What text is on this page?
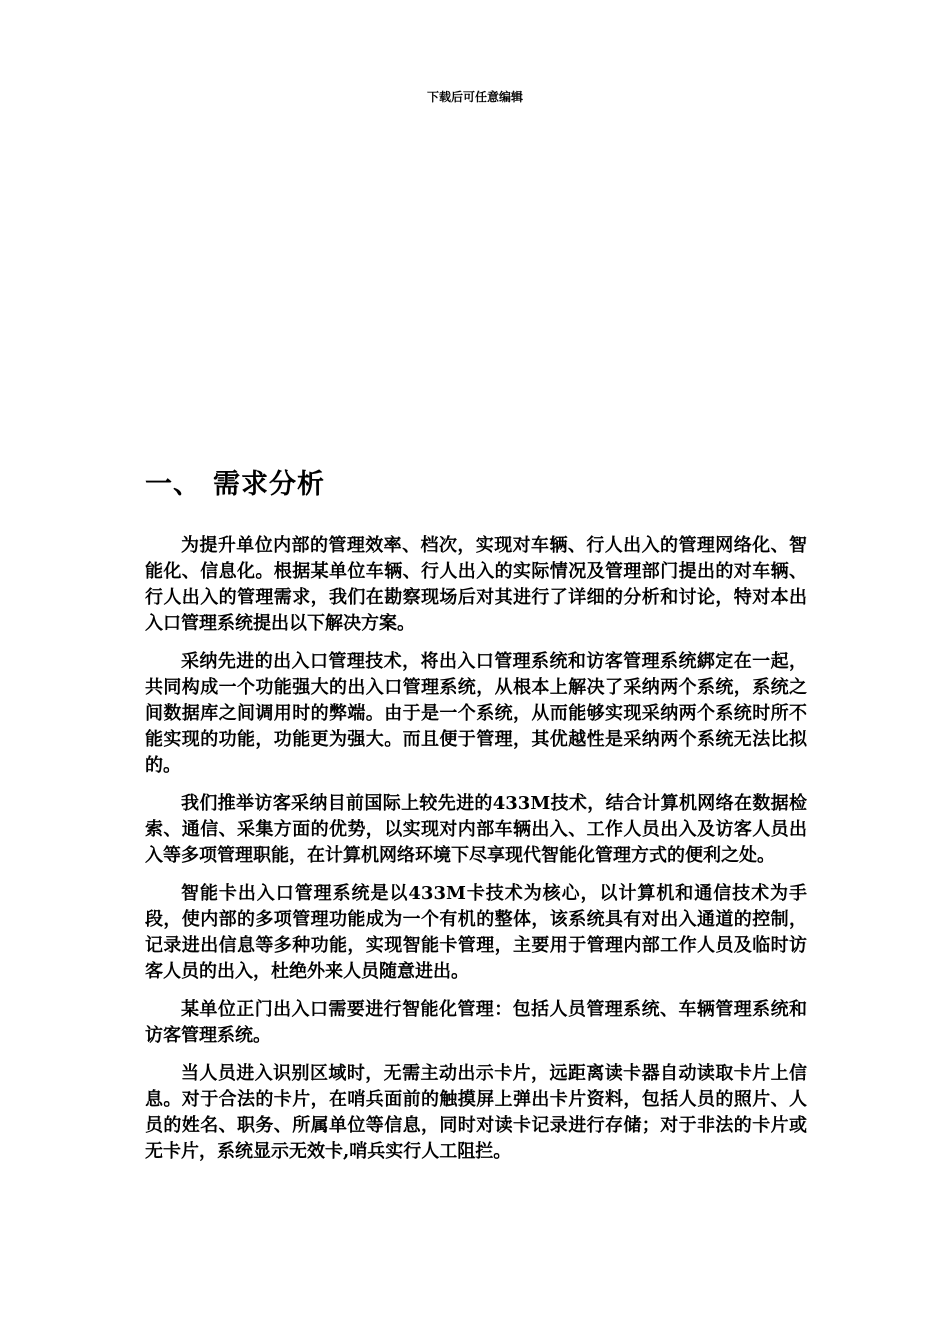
下载后可任意编辑
一、 需求分析

为提升单位内部的管理效率、档次，实现对车辆、行人出入的管理网络化、智能化、信息化。根据某单位车辆、行人出入的实际情况及管理部门提出的对车辆、行人出入的管理需求，我们在勘察现场后对其进行了详细的分析和讨论，特对本出入口管理系统提出以下解决方案。

采纳先进的出入口管理技术，将出入口管理系统和访客管理系统綁定在一起，共同构成一个功能强大的出入口管理系统，从根本上解决了采纳两个系统，系统之间数据库之间调用时的弊端。由于是一个系统，从而能够实现采纳两个系统时所不能实现的功能，功能更为强大。而且便于管理，其优越性是采纳两个系统无法比拟的。

我们推举访客采纳目前国际上较先进的433M技术，结合计算机网络在数据检索、通信、采集方面的优势，以实现对内部车辆出入、工作人员出入及访客人员出入等多项管理职能，在计算机网络环境下尽享现代智能化管理方式的便利之处。

智能卡出入口管理系统是以433M卡技术为核心，以计算机和通信技术为手段，使内部的多项管理功能成为一个有机的整体，该系统具有对出入通道的控制，记录进出信息等多种功能，实现智能卡管理，主要用于管理内部工作人员及临时访客人员的出入，杜绝外来人员随意进出。

某单位正门出入口需要进行智能化管理：包括人员管理系统、车辆管理系统和访客管理系统。

当人员进入识别区域时，无需主动出示卡片，远距离读卡器自动读取卡片上信息。对于合法的卡片，在哨兵面前的触摸屏上弹出卡片资料，包括人员的照片、人员的姓名、职务、所属单位等信息，同时对读卡记录进行存储；对于非法的卡片或无卡片，系统显示无效卡,哨兵实行人工阻拦。
